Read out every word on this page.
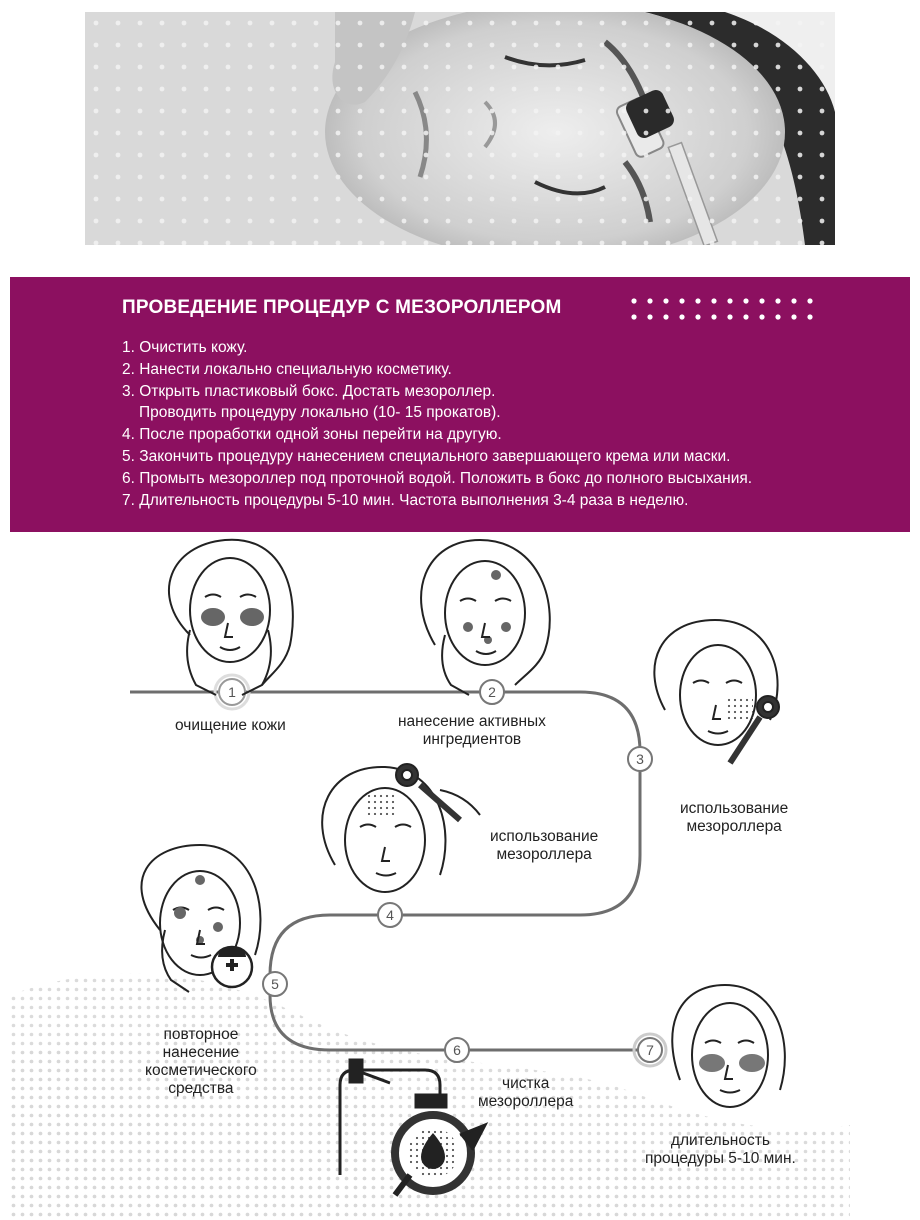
ПРОВЕДЕНИЕ ПРОЦЕДУР С МЕЗОРОЛЛЕРОМ
1. Очистить кожу.
2. Нанести локально специальную косметику.
3. Открыть пластиковый бокс. Достать мезороллер.
Проводить процедуру локально (10- 15 прокатов).
4. После проработки одной зоны перейти на другую.
5. Закончить процедуру нанесением специального завершающего крема или маски.
6. Промыть мезороллер под проточной водой. Положить в бокс до полного высыхания.
7. Длительность процедуры 5-10 мин. Частота выполнения 3-4 раза в неделю.
1	2
3
4
5
6	7
очищение кожи	нанесение активных
ингредиентов
использование
мезороллера
использование
мезороллера
повторное
нанесение
косметического
средства	чистка
мезороллера
длительность
процедуры 5-10 мин.
